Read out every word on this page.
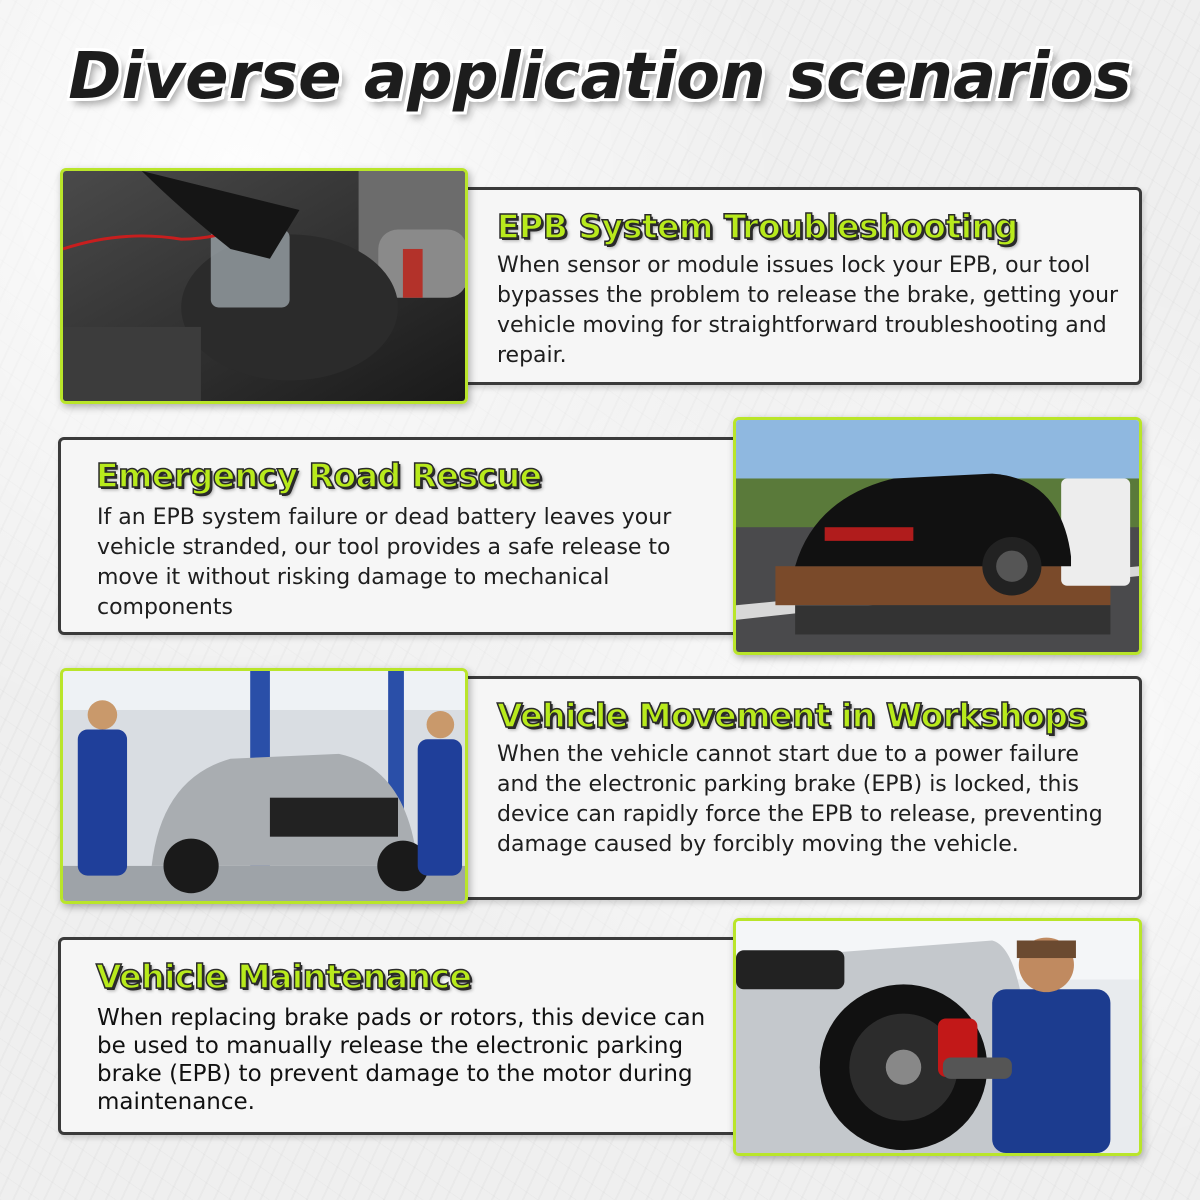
Diverse application scenarios
EPB System Troubleshooting
When sensor or module issues lock your EPB, our tool bypasses the problem to release the brake, getting your vehicle moving for straightforward troubleshooting and repair.
Emergency Road Rescue
If an EPB system failure or dead battery leaves your vehicle stranded, our tool provides a safe release to move it without risking damage to mechanical components
Vehicle Movement in Workshops
When the vehicle cannot start due to a power failure and the electronic parking brake (EPB) is locked, this device can rapidly force the EPB to release, preventing damage caused by forcibly moving the vehicle.
Vehicle Maintenance
When replacing brake pads or rotors, this device can be used to manually release the electronic parking brake (EPB) to prevent damage to the motor during maintenance.
